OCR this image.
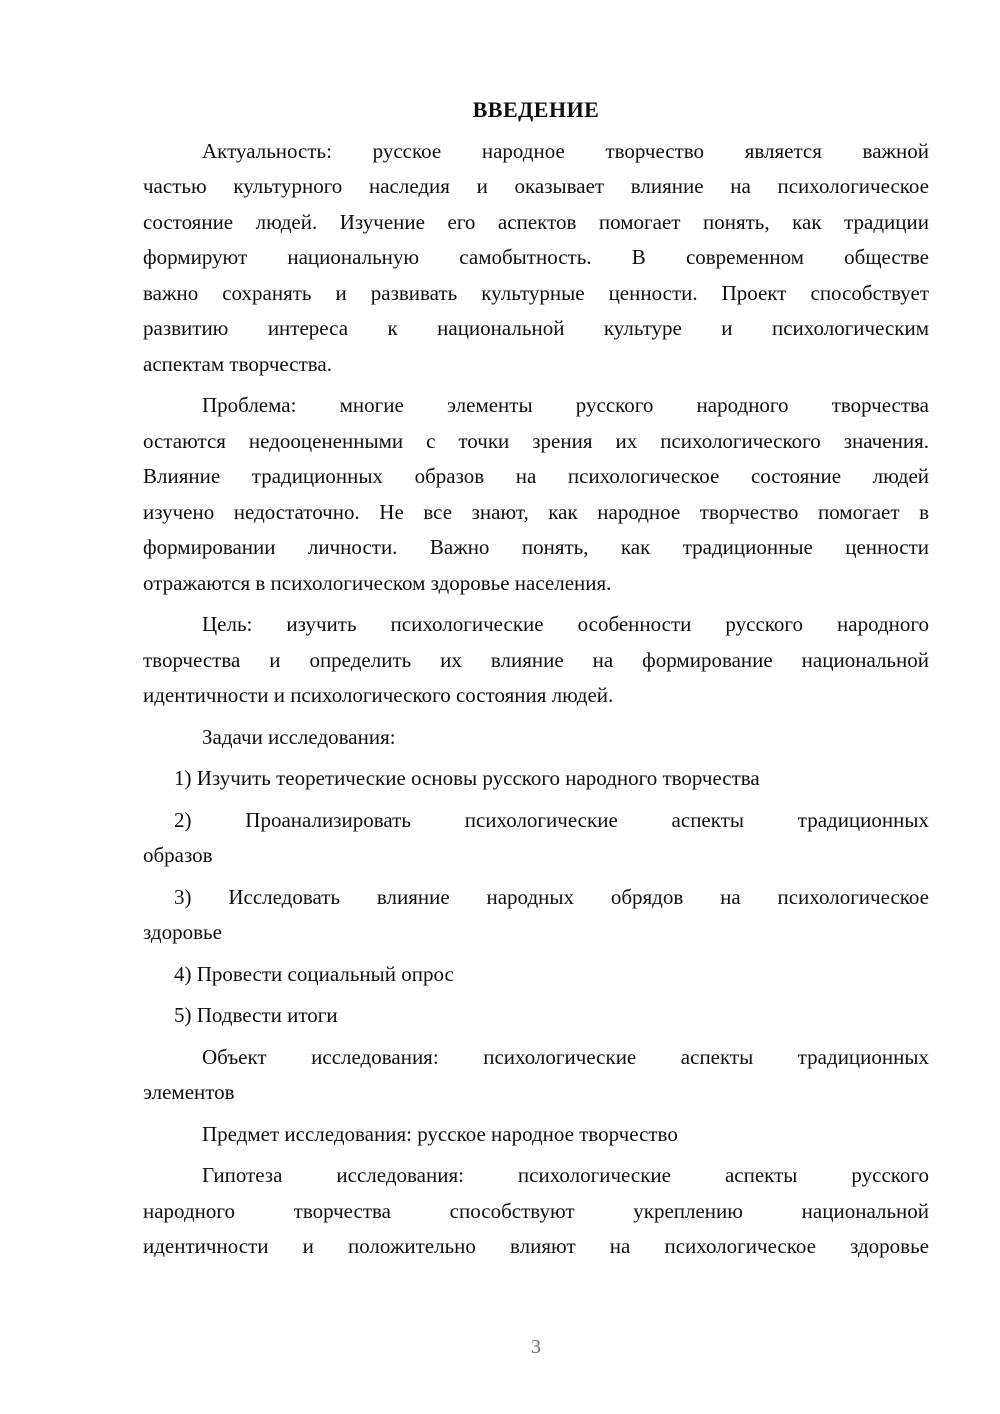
ВВЕДЕНИЕ
Актуальность: русское народное творчество является важной
частью культурного наследия и оказывает влияние на психологическое
состояние людей. Изучение его аспектов помогает понять, как традиции
формируют национальную самобытность. В современном обществе
важно сохранять и развивать культурные ценности. Проект способствует
развитию интереса к национальной культуре и психологическим
аспектам творчества.
Проблема: многие элементы русского народного творчества
остаются недооцененными с точки зрения их психологического значения.
Влияние традиционных образов на психологическое состояние людей
изучено недостаточно. Не все знают, как народное творчество помогает в
формировании личности. Важно понять, как традиционные ценности
отражаются в психологическом здоровье населения.
Цель: изучить психологические особенности русского народного
творчества и определить их влияние на формирование национальной
идентичности и психологического состояния людей.
Задачи исследования:
1) Изучить теоретические основы русского народного творчества
2) Проанализировать психологические аспекты традиционных
образов
3) Исследовать влияние народных обрядов на психологическое
здоровье
4) Провести социальный опрос
5) Подвести итоги
Объект исследования: психологические аспекты традиционных
элементов
Предмет исследования: русское народное творчество
Гипотеза исследования: психологические аспекты русского
народного творчества способствуют укреплению национальной
идентичности и положительно влияют на психологическое здоровье
3
